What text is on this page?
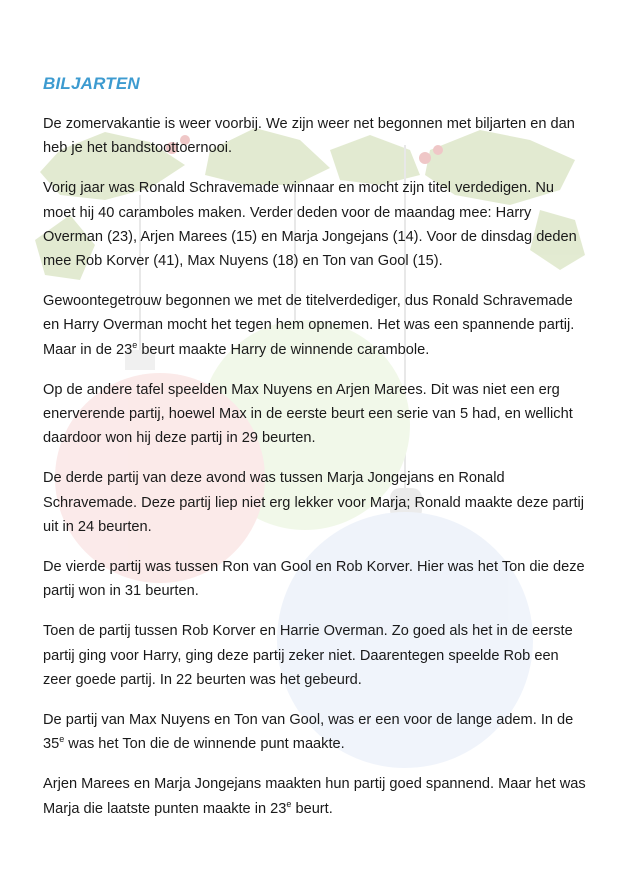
BILJARTEN

De zomervakantie is weer voorbij. We zijn weer net begonnen met biljarten en dan heb je het bandstoottoernooi.

Vorig jaar was Ronald Schravemade winnaar en mocht zijn titel verdedigen. Nu moet hij 40 caramboles maken. Verder deden voor de maandag mee: Harry Overman (23), Arjen Marees (15) en Marja Jongejans (14). Voor de dinsdag deden mee Rob Korver (41), Max Nuyens (18) en Ton van Gool (15).

Gewoontegetrouw begonnen we met de titelverdediger, dus Ronald Schravemade en Harry Overman mocht het tegen hem opnemen. Het was een spannende partij. Maar in de 23e beurt maakte Harry de winnende carambole.

Op de andere tafel speelden Max Nuyens en Arjen Marees. Dit was niet een erg enerverende partij, hoewel Max in de eerste beurt een serie van 5 had, en wellicht daardoor won hij deze partij in 29 beurten.

De derde partij van deze avond was tussen Marja Jongejans en Ronald Schravemade. Deze partij liep niet erg lekker voor Marja; Ronald maakte deze partij uit in 24 beurten.

De vierde partij was tussen Ron van Gool en Rob Korver. Hier was het Ton die deze partij won in 31 beurten.

Toen de partij tussen Rob Korver en Harrie Overman. Zo goed als het in de eerste partij ging voor Harry, ging deze partij zeker niet. Daarentegen speelde Rob een zeer goede partij. In 22 beurten was het gebeurd.

De partij van Max Nuyens en Ton van Gool, was er een voor de lange adem. In de 35e was het Ton die de winnende punt maakte.

Arjen Marees en Marja Jongejans maakten hun partij goed spannend. Maar het was Marja die laatste punten maakte in 23e beurt.
